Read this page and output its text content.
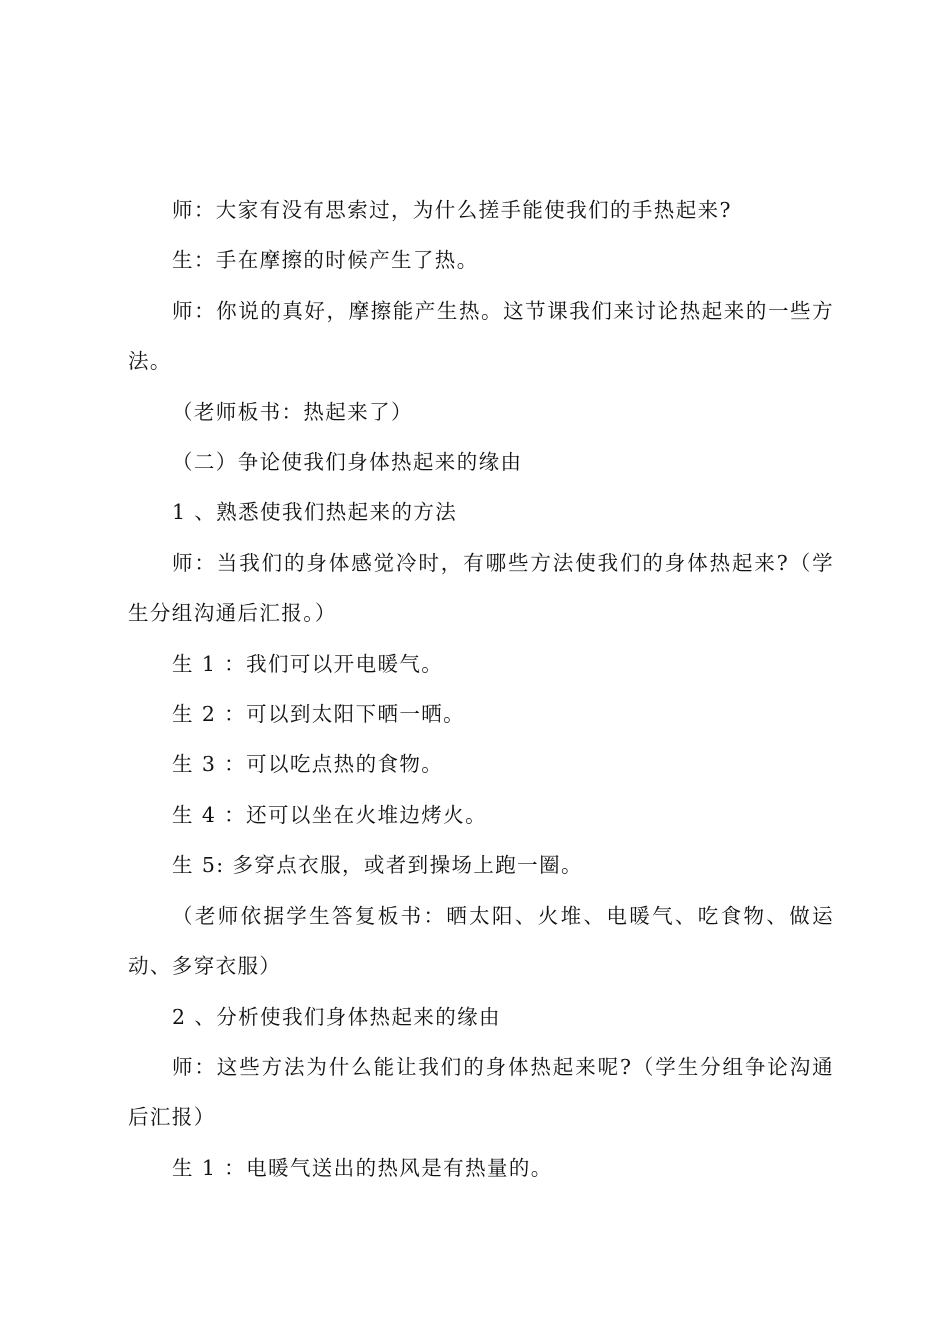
师：大家有没有思索过，为什么搓手能使我们的手热起来?

生：手在摩擦的时候产生了热。

师：你说的真好，摩擦能产生热。这节课我们来讨论热起来的一些方法。

（老师板书：热起来了）

（二）争论使我们身体热起来的缘由

1 、熟悉使我们热起来的方法

师：当我们的身体感觉冷时，有哪些方法使我们的身体热起来?（学生分组沟通后汇报。）

生 1 ：我们可以开电暖气。

生 2 ：可以到太阳下晒一晒。

生 3 ：可以吃点热的食物。

生 4 ：还可以坐在火堆边烤火。

生 5: 多穿点衣服，或者到操场上跑一圈。

（老师依据学生答复板书：晒太阳、火堆、电暖气、吃食物、做运动、多穿衣服）

2 、分析使我们身体热起来的缘由

师：这些方法为什么能让我们的身体热起来呢?（学生分组争论沟通后汇报）

生 1 ：电暖气送出的热风是有热量的。
